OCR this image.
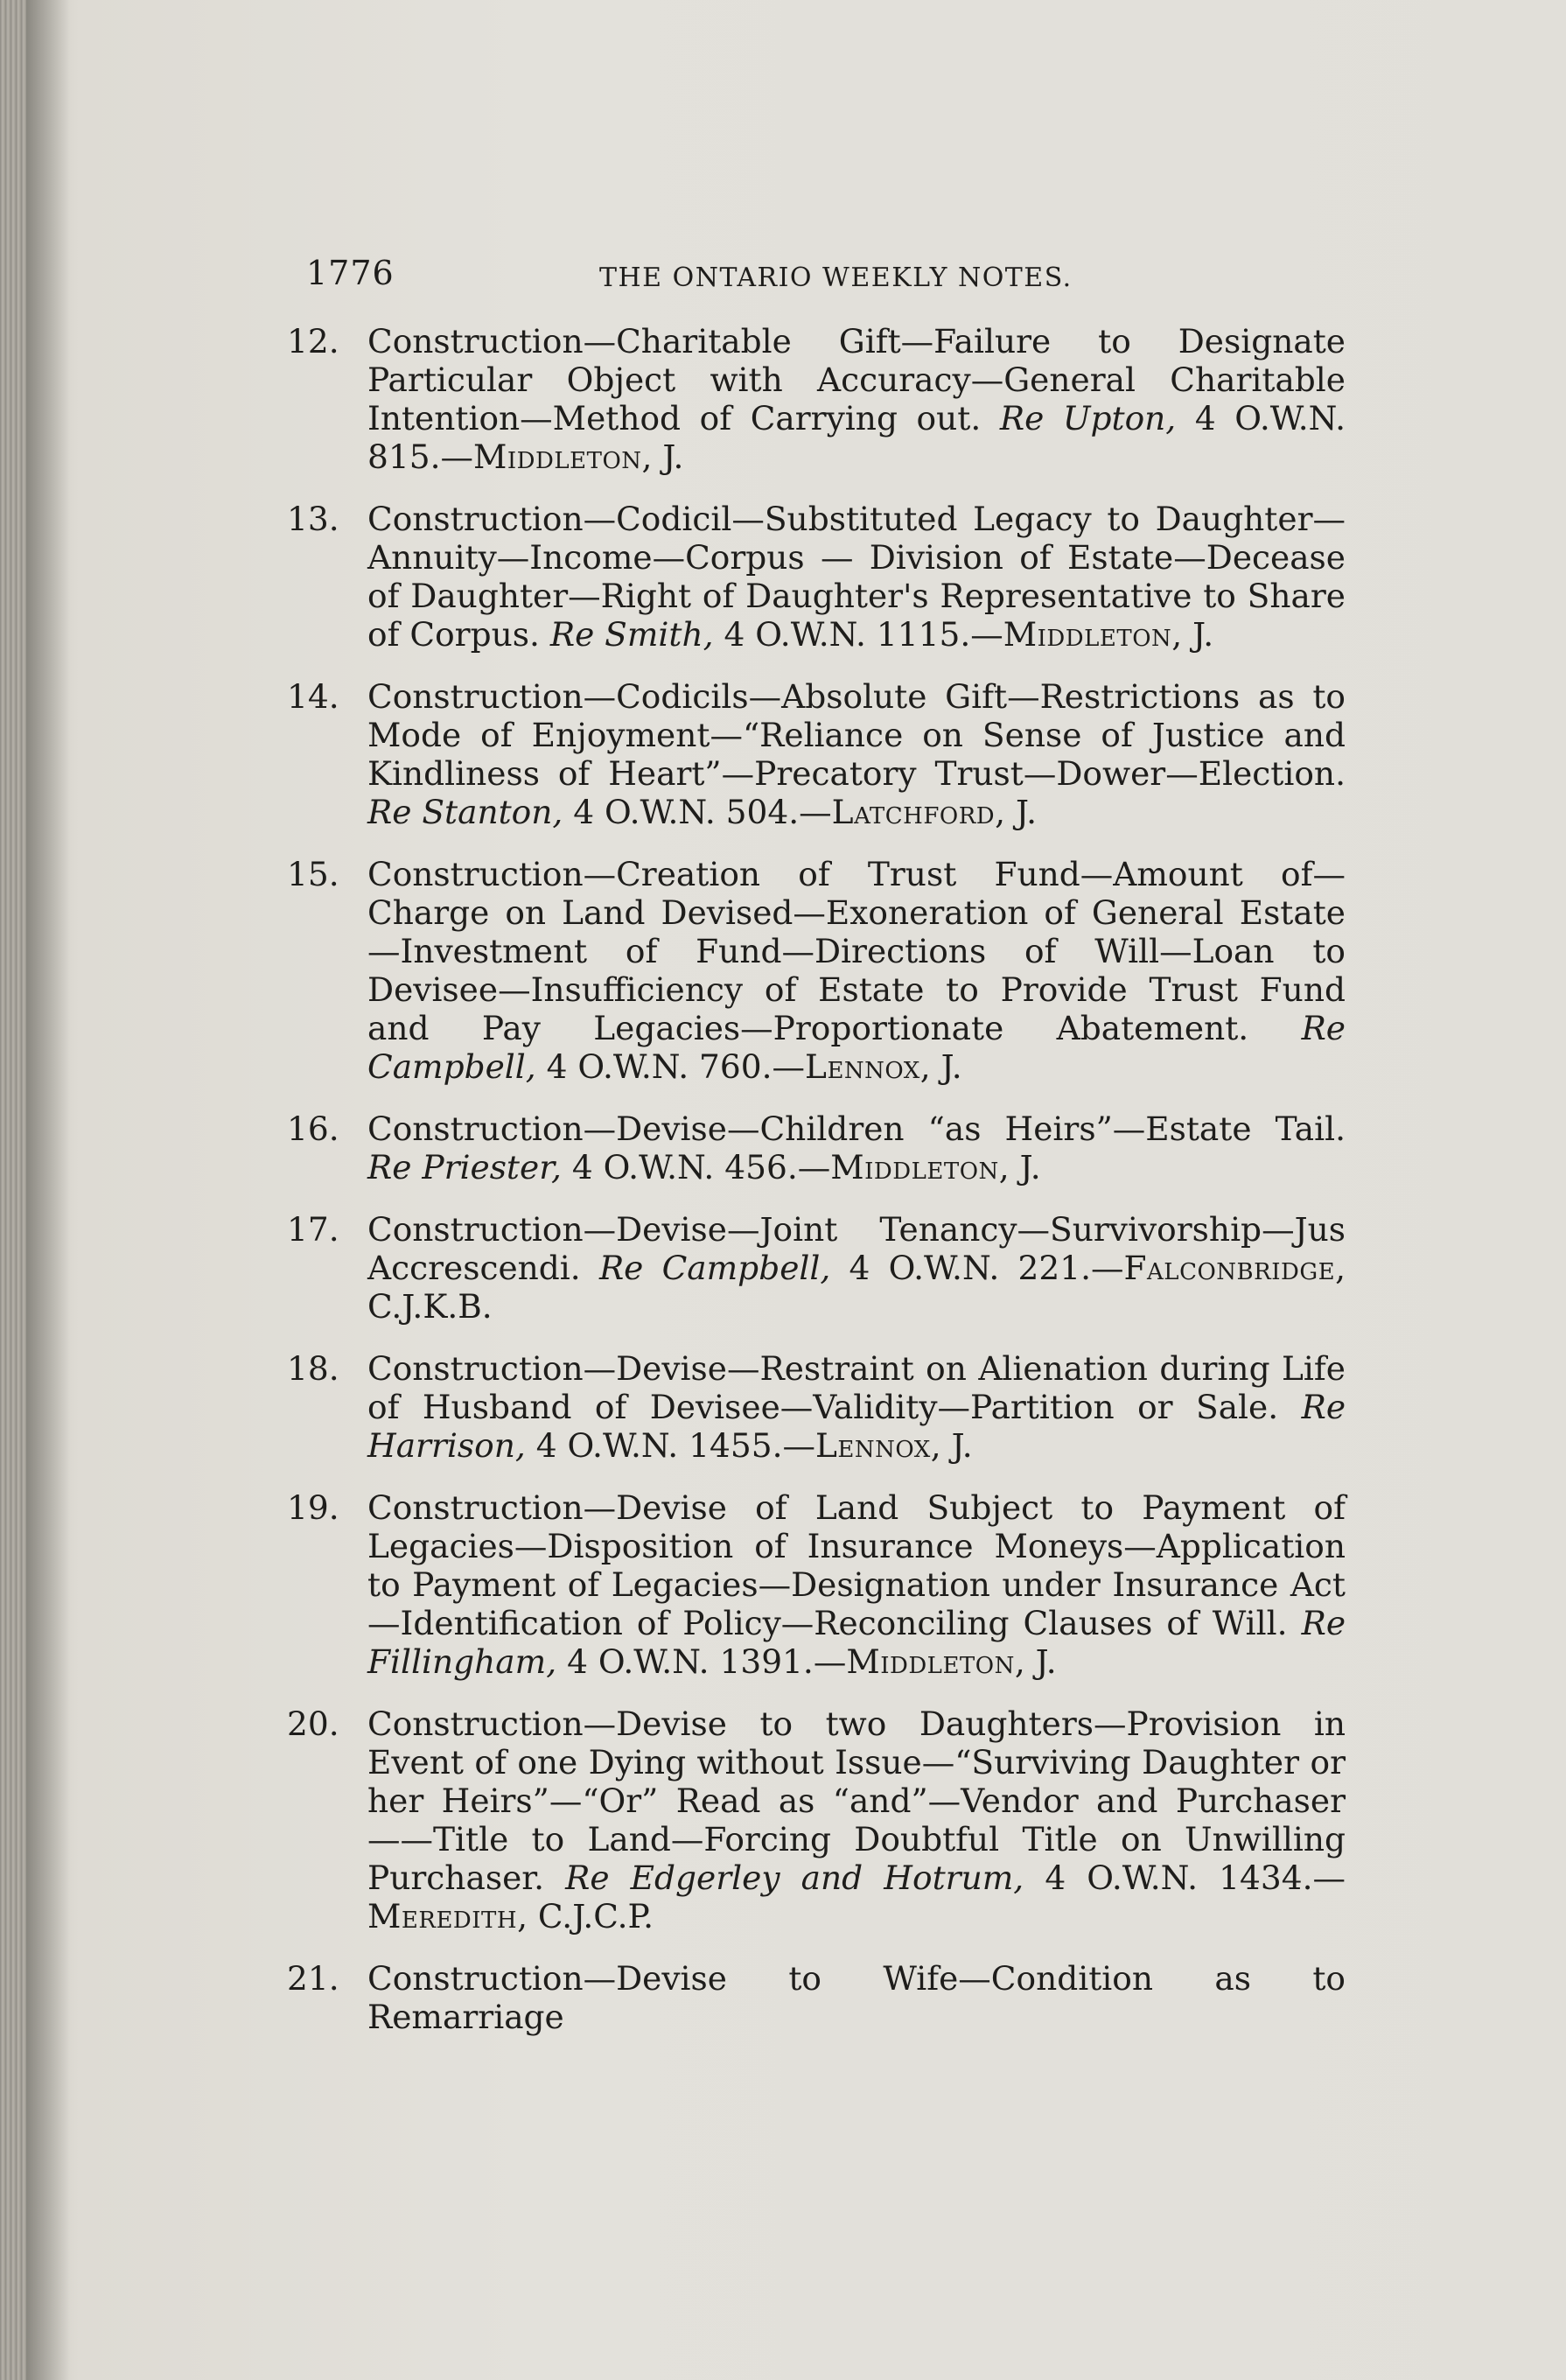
1776	THE ONTARIO WEEKLY NOTES.
12. Construction—Charitable Gift—Failure to Designate Particular Object with Accuracy—General Charitable Intention—Method of Carrying out. Re Upton, 4 O.W.N. 815.—Middleton, J.
13. Construction—Codicil—Substituted Legacy to Daughter—Annuity—Income—Corpus — Division of Estate—Decease of Daughter—Right of Daughter's Representative to Share of Corpus. Re Smith, 4 O.W.N. 1115.—Middleton, J.
14. Construction—Codicils—Absolute Gift—Restrictions as to Mode of Enjoyment—“Reliance on Sense of Justice and Kindliness of Heart”—Precatory Trust—Dower—Election. Re Stanton, 4 O.W.N. 504.—Latchford, J.
15. Construction—Creation of Trust Fund—Amount of—Charge on Land Devised—Exoneration of General Estate—Investment of Fund—Directions of Will—Loan to Devisee—Insufficiency of Estate to Provide Trust Fund and Pay Legacies—Proportionate Abatement. Re Campbell, 4 O.W.N. 760.—Lennox, J.
16. Construction—Devise—Children “as Heirs”—Estate Tail. Re Priester, 4 O.W.N. 456.—Middleton, J.
17. Construction—Devise—Joint Tenancy—Survivorship—Jus Accrescendi. Re Campbell, 4 O.W.N. 221.—Falconbridge, C.J.K.B.
18. Construction—Devise—Restraint on Alienation during Life of Husband of Devisee—Validity—Partition or Sale. Re Harrison, 4 O.W.N. 1455.—Lennox, J.
19. Construction—Devise of Land Subject to Payment of Legacies—Disposition of Insurance Moneys—Application to Payment of Legacies—Designation under Insurance Act—Identification of Policy—Reconciling Clauses of Will. Re Fillingham, 4 O.W.N. 1391.—Middleton, J.
20. Construction—Devise to two Daughters—Provision in Event of one Dying without Issue—“Surviving Daughter or her Heirs”—“Or” Read as “and”—Vendor and Purchaser——Title to Land—Forcing Doubtful Title on Unwilling Purchaser. Re Edgerley and Hotrum, 4 O.W.N. 1434.—Meredith, C.J.C.P.
21. Construction—Devise to Wife—Condition as to Remarriage
